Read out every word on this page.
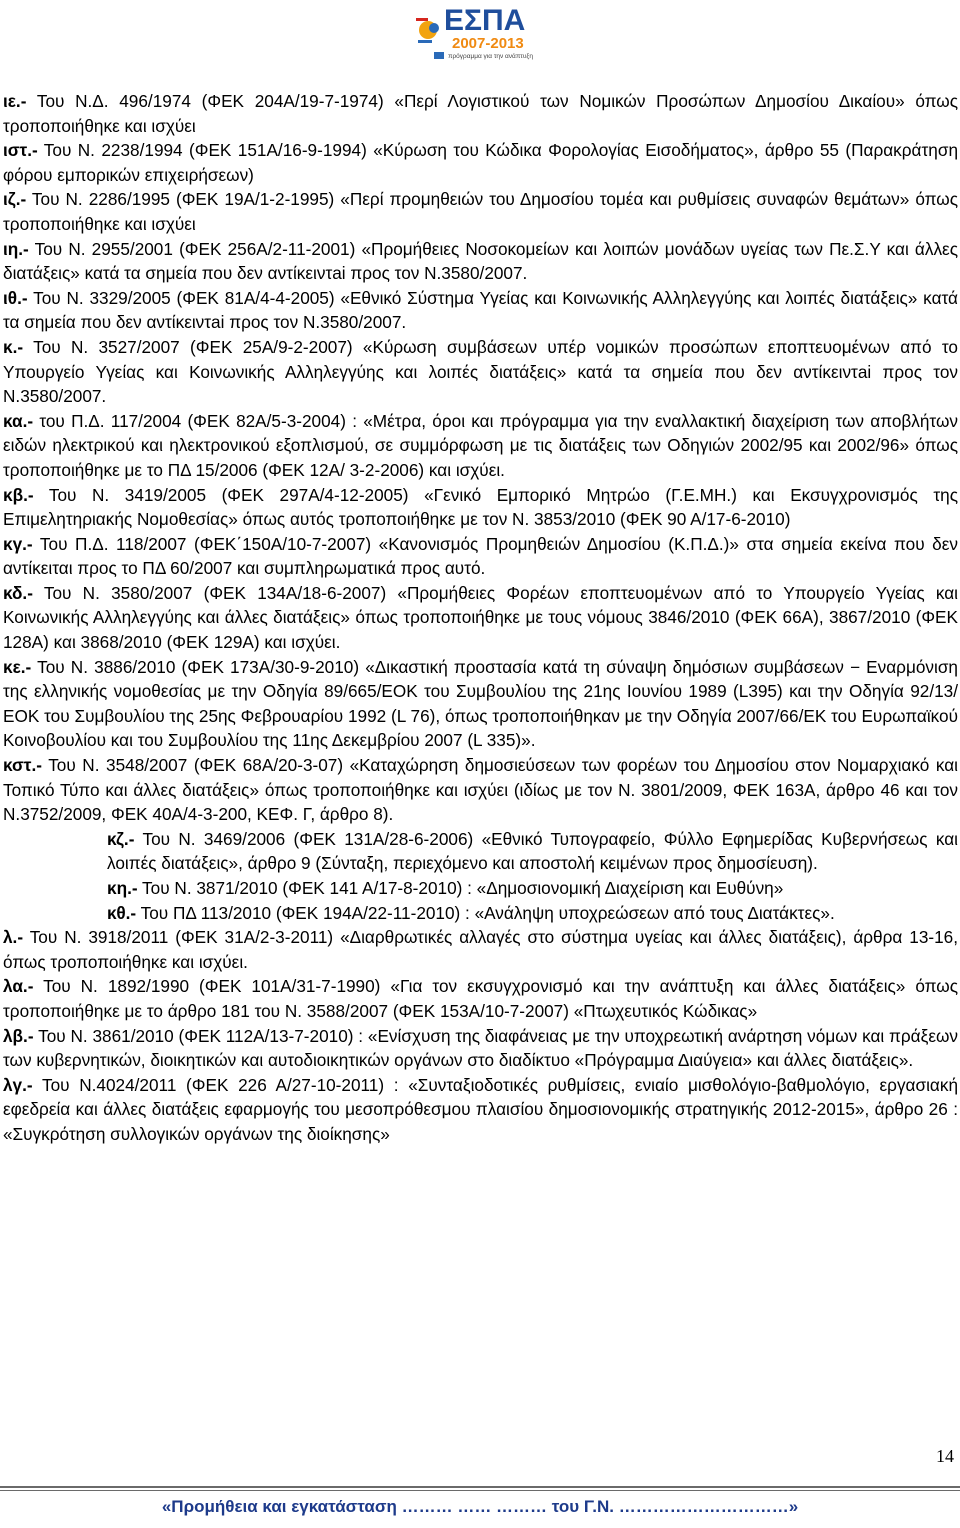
ΕΣΠΑ
2007-2013
πρόγραμμα για την ανάπτυξη

ιε.- Του Ν.Δ. 496/1974 (ΦΕΚ 204Α/19-7-1974) «Περί Λογιστικού των Νομικών Προσώπων Δημοσίου Δικαίου» όπως τροποποιήθηκε και ισχύει

ιστ.- Του Ν. 2238/1994 (ΦΕΚ 151Α/16-9-1994) «Κύρωση του Κώδικα Φορολογίας Εισοδήματος», άρθρο 55 (Παρακράτηση φόρου εμπορικών επιχειρήσεων)

ιζ.- Του Ν. 2286/1995 (ΦΕΚ 19Α/1-2-1995) «Περί προμηθειών του Δημοσίου τομέα και ρυθμίσεις συναφών θεμάτων» όπως τροποποιήθηκε και ισχύει

ιη.- Του Ν. 2955/2001 (ΦΕΚ 256Α/2-11-2001) «Προμήθειες Νοσοκομείων και λοιπών μονάδων υγείας των Πε.Σ.Υ και άλλες διατάξεις» κατά τα σημεία που δεν αντίκειντai προς τον Ν.3580/2007.

ιθ.- Του Ν. 3329/2005 (ΦΕΚ 81Α/4-4-2005) «Εθνικό Σύστημα Υγείας και Κοινωνικής Αλληλεγγύης και λοιπές διατάξεις» κατά τα σημεία που δεν αντίκειντai προς τον Ν.3580/2007.

κ.- Του Ν. 3527/2007 (ΦΕΚ 25Α/9-2-2007) «Κύρωση συμβάσεων υπέρ νομικών προσώπων εποπτευομένων από το Υπουργείο Υγείας και Κοινωνικής Αλληλεγγύης και λοιπές διατάξεις» κατά τα σημεία που δεν αντίκειντai προς τον Ν.3580/2007.

κα.- του Π.Δ. 117/2004 (ΦΕΚ 82Α/5-3-2004) : «Μέτρα, όροι και πρόγραμμα για την εναλλακτική διαχείριση των αποβλήτων ειδών ηλεκτρικού και ηλεκτρονικού εξοπλισμού, σε συμμόρφωση με τις διατάξεις των Οδηγιών 2002/95 και 2002/96» όπως τροποποιήθηκε με το ΠΔ 15/2006 (ΦΕΚ 12Α/ 3-2-2006) και ισχύει.

κβ.- Του Ν. 3419/2005 (ΦΕΚ 297Α/4-12-2005) «Γενικό Εμπορικό Μητρώο (Γ.Ε.ΜΗ.) και Εκσυγχρονισμός της Επιμελητηριακής Νομοθεσίας» όπως αυτός τροποποιήθηκε με τον Ν. 3853/2010 (ΦΕΚ 90 Α/17-6-2010)

κγ.- Του Π.Δ. 118/2007 (ΦΕΚ΄150Α/10-7-2007) «Κανονισμός Προμηθειών Δημοσίου (Κ.Π.Δ.)» στα σημεία εκείνα που δεν αντίκειται προς το ΠΔ 60/2007 και συμπληρωματικά προς αυτό.

κδ.- Του Ν. 3580/2007 (ΦΕΚ 134Α/18-6-2007) «Προμήθειες Φορέων εποπτευομένων από το Υπουργείο Υγείας και Κοινωνικής Αλληλεγγύης και άλλες διατάξεις» όπως τροποποιήθηκε με τους νόμους 3846/2010 (ΦΕΚ 66Α), 3867/2010 (ΦΕΚ 128Α) και 3868/2010 (ΦΕΚ 129Α) και ισχύει.

κε.- Του Ν. 3886/2010 (ΦΕΚ 173Α/30-9-2010) «Δικαστική προστασία κατά τη σύναψη δημόσιων συμβάσεων − Εναρμόνιση της ελληνικής νομοθεσίας με την Οδηγία 89/665/ΕΟΚ του Συμβουλίου της 21ης Ιουνίου 1989 (L395) και την Οδηγία 92/13/ΕΟΚ του Συμβουλίου της 25ης Φεβρουαρίου 1992 (L 76), όπως τροποποιήθηκαν με την Οδηγία 2007/66/ΕΚ του Ευρωπαϊκού Κοινοβουλίου και του Συμβουλίου της 11ης Δεκεμβρίου 2007 (L 335)».

κστ.- Του Ν. 3548/2007 (ΦΕΚ 68Α/20-3-07) «Καταχώρηση δημοσιεύσεων των φορέων του Δημοσίου στον Νομαρχιακό και Τοπικό Τύπο και άλλες διατάξεις» όπως τροποποιήθηκε και ισχύει (ιδίως με τον Ν. 3801/2009, ΦΕΚ 163Α, άρθρο 46 και τον Ν.3752/2009, ΦΕΚ 40Α/4-3-200, ΚΕΦ. Γ, άρθρο 8).

κζ.- Του Ν. 3469/2006 (ΦΕΚ 131Α/28-6-2006) «Εθνικό Τυπογραφείο, Φύλλο Εφημερίδας Κυβερνήσεως και λοιπές διατάξεις», άρθρο 9 (Σύνταξη, περιεχόμενο και αποστολή κειμένων προς δημοσίευση).

κη.- Του Ν. 3871/2010 (ΦΕΚ 141 Α/17-8-2010) : «Δημοσιονομική Διαχείριση και Ευθύνη»

κθ.- Του ΠΔ 113/2010 (ΦΕΚ 194Α/22-11-2010) : «Ανάληψη υποχρεώσεων από τους Διατάκτες».

λ.- Του Ν. 3918/2011 (ΦΕΚ 31Α/2-3-2011) «Διαρθρωτικές αλλαγές στο σύστημα υγείας και άλλες διατάξεις), άρθρα 13-16, όπως τροποποιήθηκε και ισχύει.

λα.- Του Ν. 1892/1990 (ΦΕΚ 101Α/31-7-1990) «Για τον εκσυγχρονισμό και την ανάπτυξη και άλλες διατάξεις» όπως τροποποιήθηκε με το άρθρο 181 του Ν. 3588/2007 (ΦΕΚ 153Α/10-7-2007) «Πτωχευτικός Κώδικας»

λβ.- Του Ν. 3861/2010 (ΦΕΚ 112Α/13-7-2010) : «Ενίσχυση της διαφάνειας με την υποχρεωτική ανάρτηση νόμων και πράξεων των κυβερνητικών, διοικητικών και αυτοδιοικητικών οργάνων στο διαδίκτυο «Πρόγραμμα Διαύγεια» και άλλες διατάξεις».

λγ.- Του Ν.4024/2011 (ΦΕΚ 226 Α/27-10-2011) : «Συνταξιοδοτικές ρυθμίσεις, ενιαίο μισθολόγιο-βαθμολόγιο, εργασιακή εφεδρεία και άλλες διατάξεις εφαρμογής του μεσοπρόθεσμου πλαισίου δημοσιονομικής στρατηγικής 2012-2015», άρθρο 26 : «Συγκρότηση συλλογικών οργάνων της διοίκησης»

14
«Προμήθεια και εγκατάσταση ……… …… ……… του Γ.Ν. …………………………»
